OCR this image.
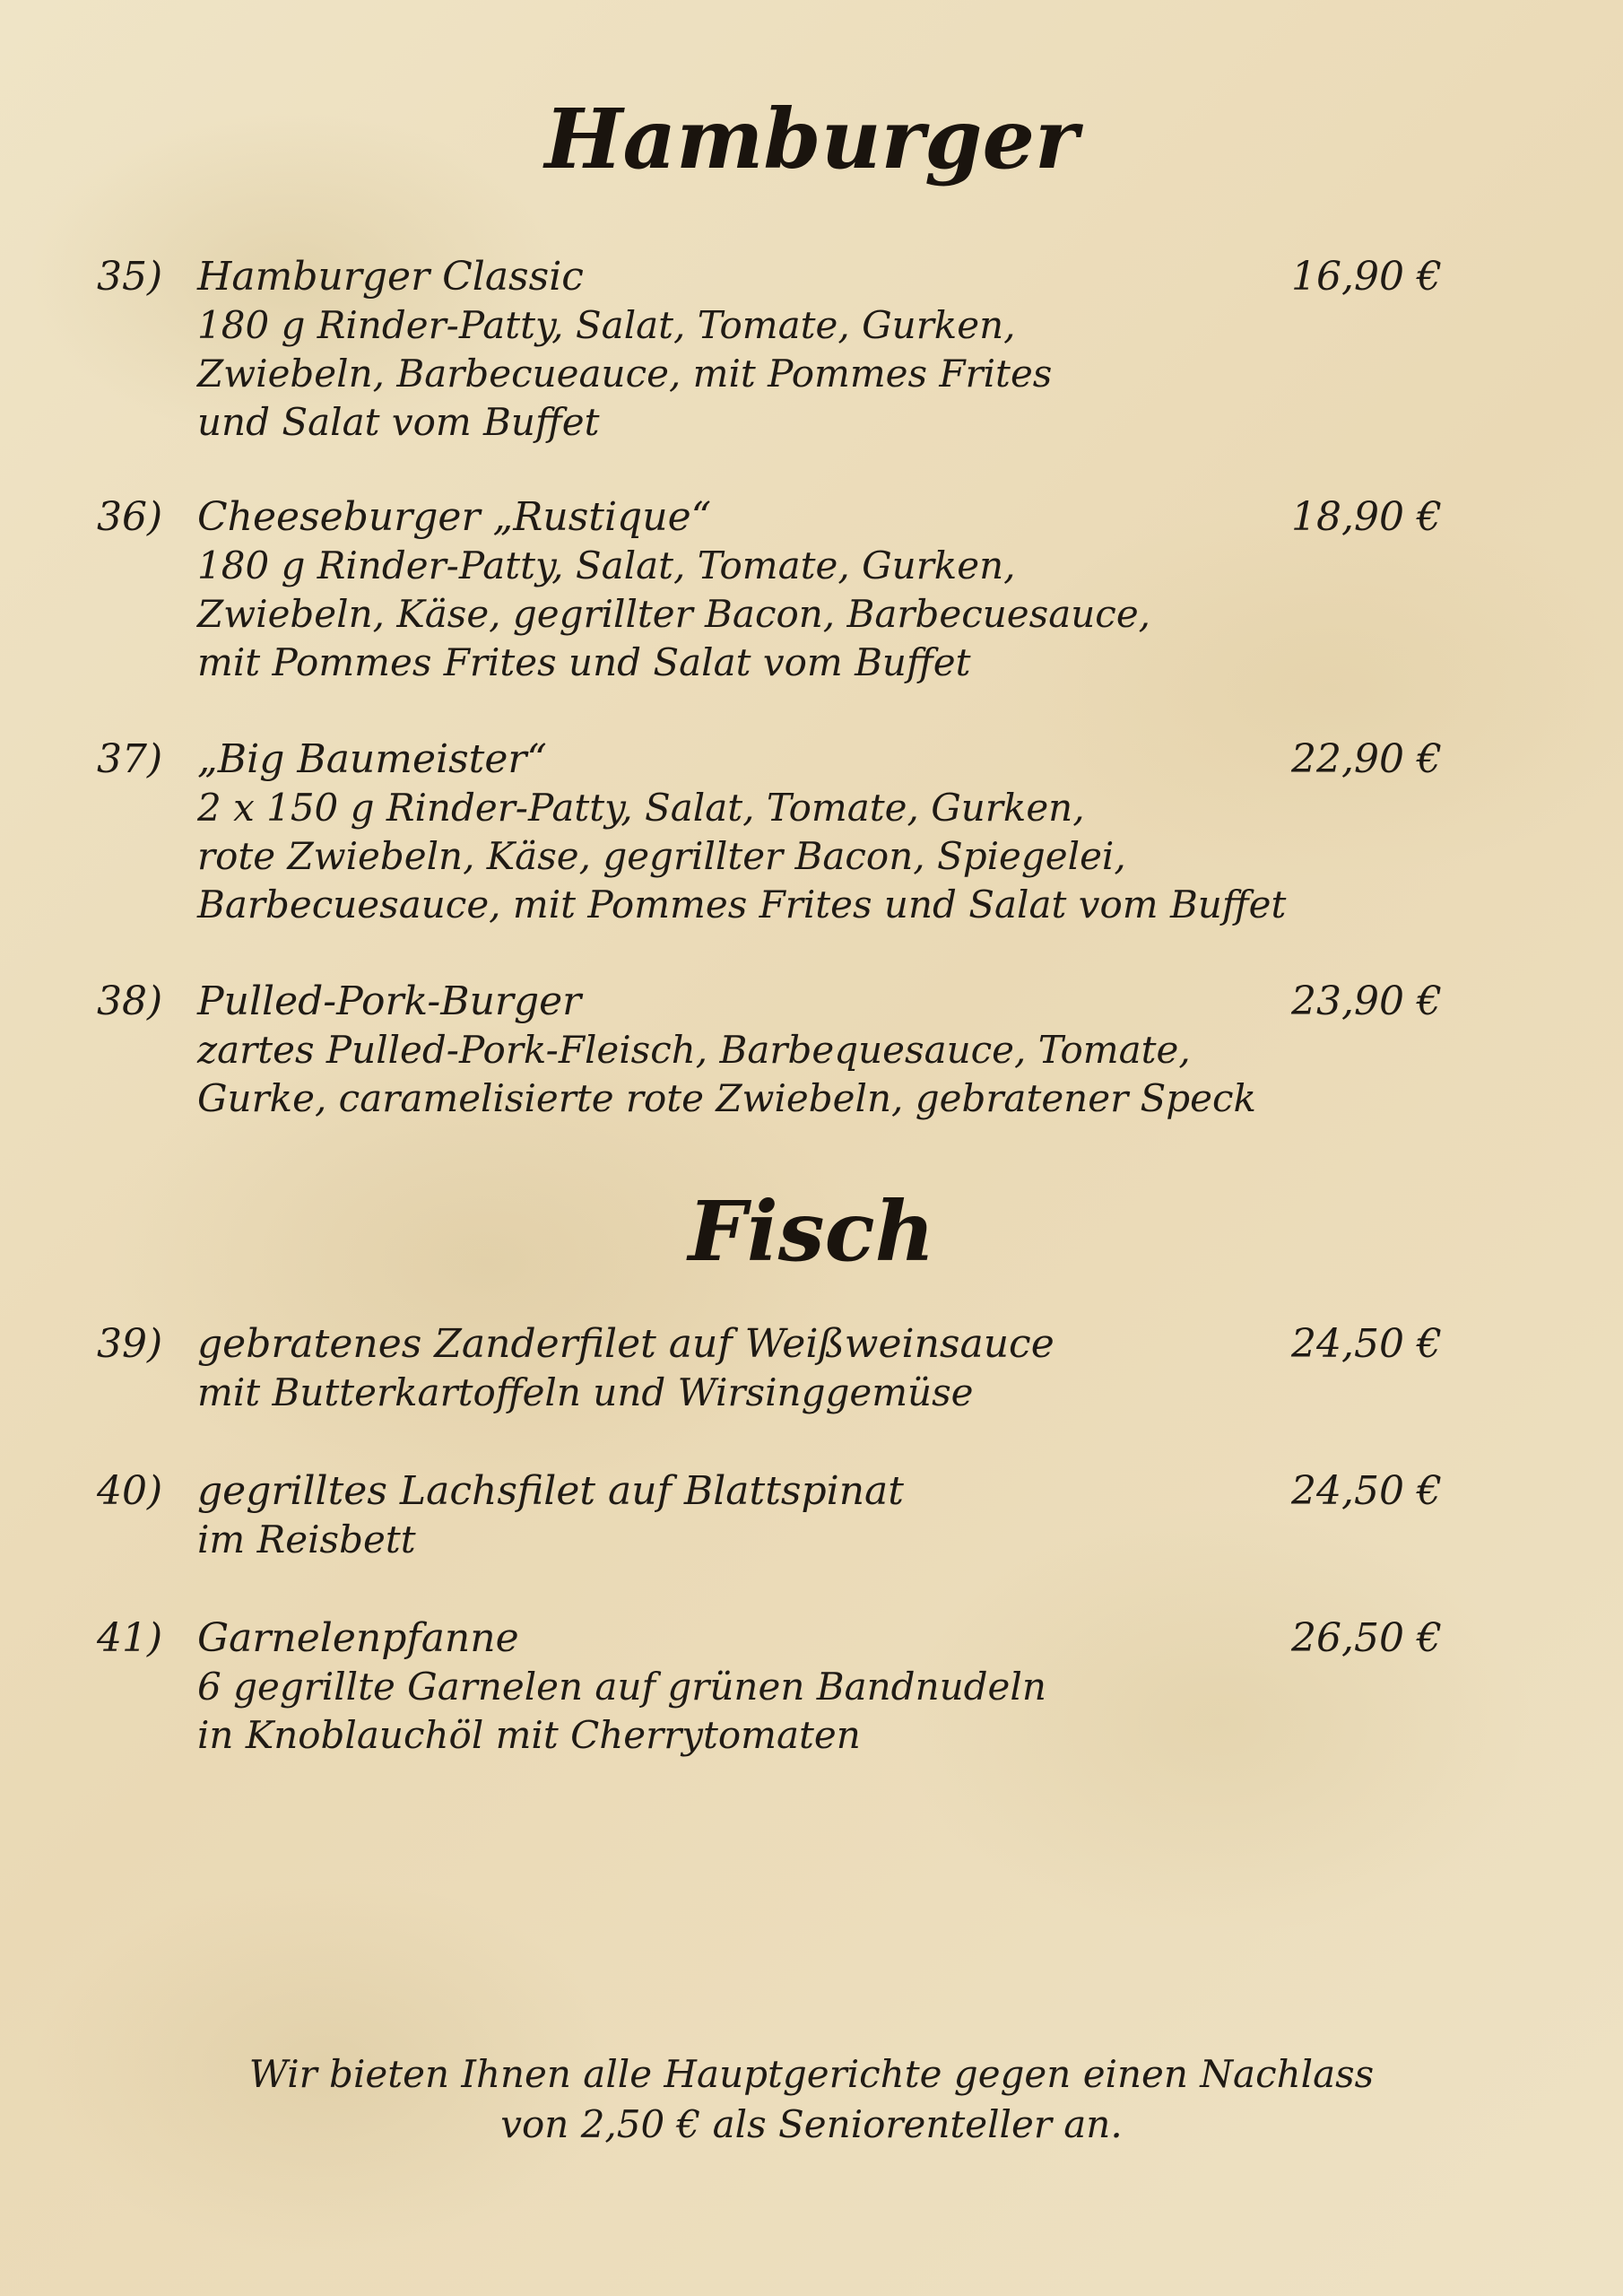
Hamburger
35) Hamburger Classic	16,90 €
180 g Rinder-Patty, Salat, Tomate, Gurken,
Zwiebeln, Barbecueauce, mit Pommes Frites
und Salat vom Buffet
36) Cheeseburger „Rustique“	18,90 €
180 g Rinder-Patty, Salat, Tomate, Gurken,
Zwiebeln, Käse, gegrillter Bacon, Barbecuesauce,
mit Pommes Frites und Salat vom Buffet
37) „Big Baumeister“	22,90 €
2 x 150 g Rinder-Patty, Salat, Tomate, Gurken,
rote Zwiebeln, Käse, gegrillter Bacon, Spiegelei,
Barbecuesauce, mit Pommes Frites und Salat vom Buffet
38) Pulled-Pork-Burger	23,90 €
zartes Pulled-Pork-Fleisch, Barbequesauce, Tomate,
Gurke, caramelisierte rote Zwiebeln, gebratener Speck
Fisch
39) gebratenes Zanderfilet auf Weißweinsauce	24,50 €
mit Butterkartoffeln und Wirsinggemüse
40) gegrilltes Lachsfilet auf Blattspinat	24,50 €
im Reisbett
41) Garnelenpfanne	26,50 €
6 gegrillte Garnelen auf grünen Bandnudeln
in Knoblauchöl mit Cherrytomaten
Wir bieten Ihnen alle Hauptgerichte gegen einen Nachlass
von 2,50 € als Seniorenteller an.
